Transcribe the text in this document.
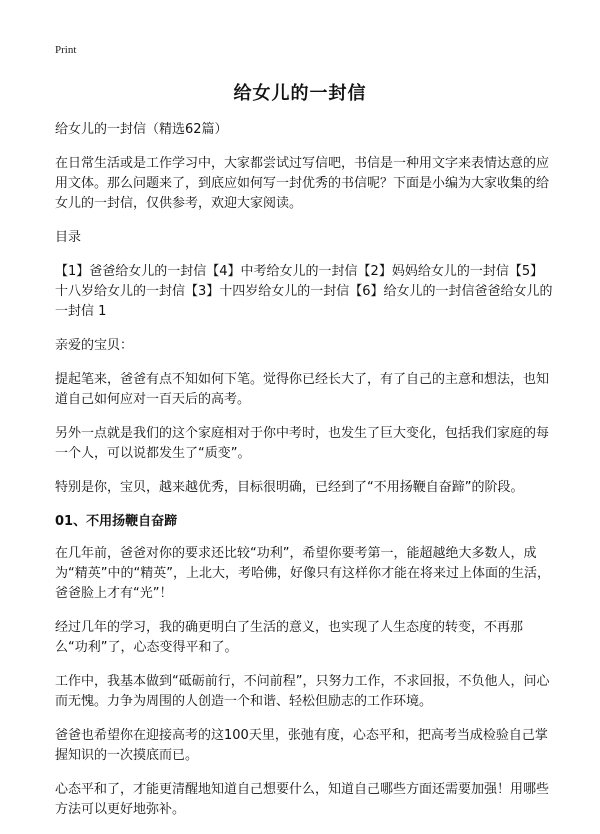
Print
给女儿的一封信

给女儿的一封信（精选62篇）

在日常生活或是工作学习中，大家都尝试过写信吧，书信是一种用文字来表情达意的应用文体。那么问题来了，到底应如何写一封优秀的书信呢？下面是小编为大家收集的给女儿的一封信，仅供参考，欢迎大家阅读。

目录

【1】爸爸给女儿的一封信【4】中考给女儿的一封信【2】妈妈给女儿的一封信【5】十八岁给女儿的一封信【3】十四岁给女儿的一封信【6】给女儿的一封信爸爸给女儿的一封信 1

亲爱的宝贝：

提起笔来，爸爸有点不知如何下笔。觉得你已经长大了，有了自己的主意和想法，也知道自己如何应对一百天后的高考。

另外一点就是我们的这个家庭相对于你中考时，也发生了巨大变化，包括我们家庭的每一个人，可以说都发生了“质变”。

特别是你，宝贝，越来越优秀，目标很明确，已经到了“不用扬鞭自奋蹄”的阶段。

01、不用扬鞭自奋蹄

在几年前，爸爸对你的要求还比较“功利”，希望你要考第一，能超越绝大多数人，成为“精英”中的“精英”，上北大，考哈佛，好像只有这样你才能在将来过上体面的生活，爸爸脸上才有“光”！

经过几年的学习，我的确更明白了生活的意义，也实现了人生态度的转变，不再那么“功利”了，心态变得平和了。

工作中，我基本做到“砥砺前行，不问前程”，只努力工作，不求回报，不负他人，问心而无愧。力争为周围的人创造一个和谐、轻松但励志的工作环境。

爸爸也希望你在迎接高考的这100天里，张弛有度，心态平和，把高考当成检验自己掌握知识的一次摸底而已。

心态平和了，才能更清醒地知道自己想要什么，知道自己哪些方面还需要加强！用哪些方法可以更好地弥补。
